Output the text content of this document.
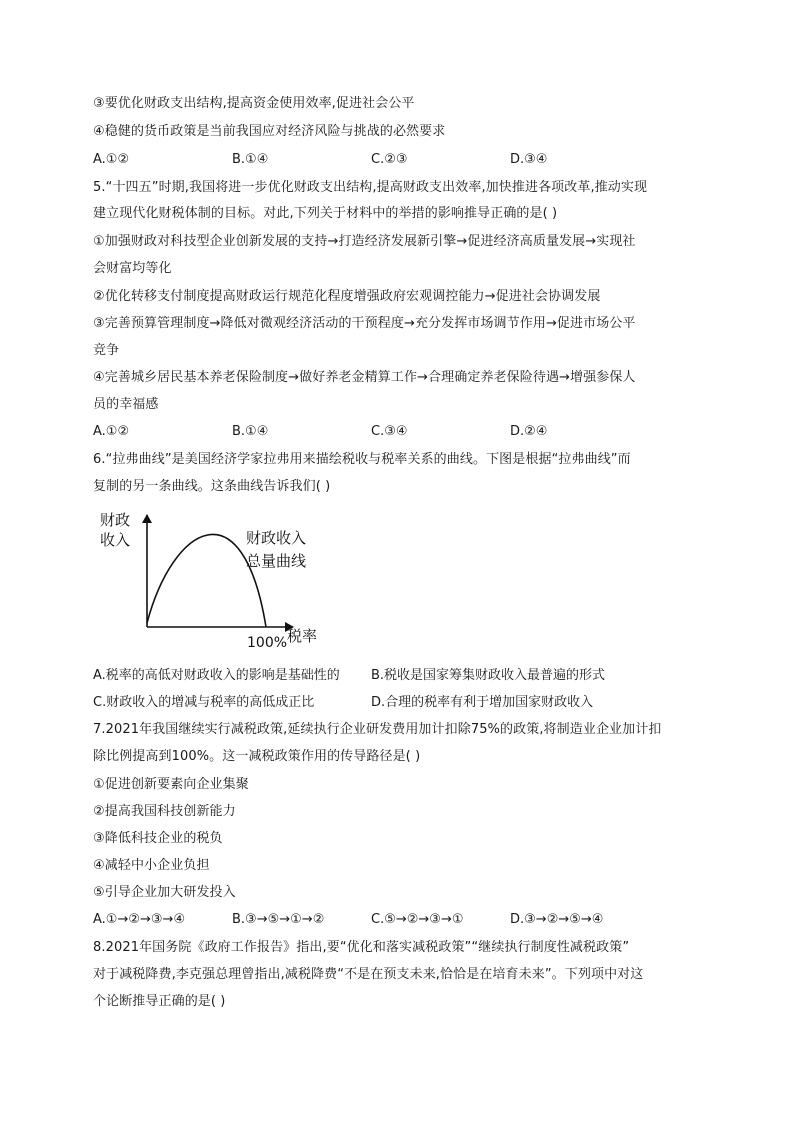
③要优化财政支出结构,提高资金使用效率,促进社会公平
④稳健的货币政策是当前我国应对经济风险与挑战的必然要求
A.①②	B.①④	C.②③	D.③④
5.“十四五”时期,我国将进一步优化财政支出结构,提高财政支出效率,加快推进各项改革,推动实现
建立现代化财税体制的目标。对此,下列关于材料中的举措的影响推导正确的是( )
①加强财政对科技型企业创新发展的支持→打造经济发展新引擎→促进经济高质量发展→实现社
会财富均等化
②优化转移支付制度提高财政运行规范化程度增强政府宏观调控能力→促进社会协调发展
③完善预算管理制度→降低对微观经济活动的干预程度→充分发挥市场调节作用→促进市场公平
竞争
④完善城乡居民基本养老保险制度→做好养老金精算工作→合理确定养老保险待遇→增强参保人
员的幸福感
A.①②	B.①④	C.③④	D.②④
6.“拉弗曲线”是美国经济学家拉弗用来描绘税收与税率关系的曲线。下图是根据“拉弗曲线”而
复制的另一条曲线。这条曲线告诉我们( )
财政
收入	财政收入
总量曲线
100% 税率
A.税率的高低对财政收入的影响是基础性的 B.税收是国家筹集财政收入最普遍的形式
C.财政收入的增减与税率的高低成正比	D.合理的税率有利于增加国家财政收入
7.2021年我国继续实行减税政策,延续执行企业研发费用加计扣除75%的政策,将制造业企业加计扣
除比例提高到100%。这一减税政策作用的传导路径是( )
①促进创新要素向企业集聚
②提高我国科技创新能力
③降低科技企业的税负
④减轻中小企业负担
⑤引导企业加大研发投入
A.①→②→③→④	B.③→⑤→①→②	C.⑤→②→③→①	D.③→②→⑤→④
8.2021年国务院《政府工作报告》指出,要“优化和落实减税政策”“继续执行制度性减税政策”
对于减税降费,李克强总理曾指出,减税降费“不是在预支未来,恰恰是在培育未来”。下列项中对这
个论断推导正确的是( )
